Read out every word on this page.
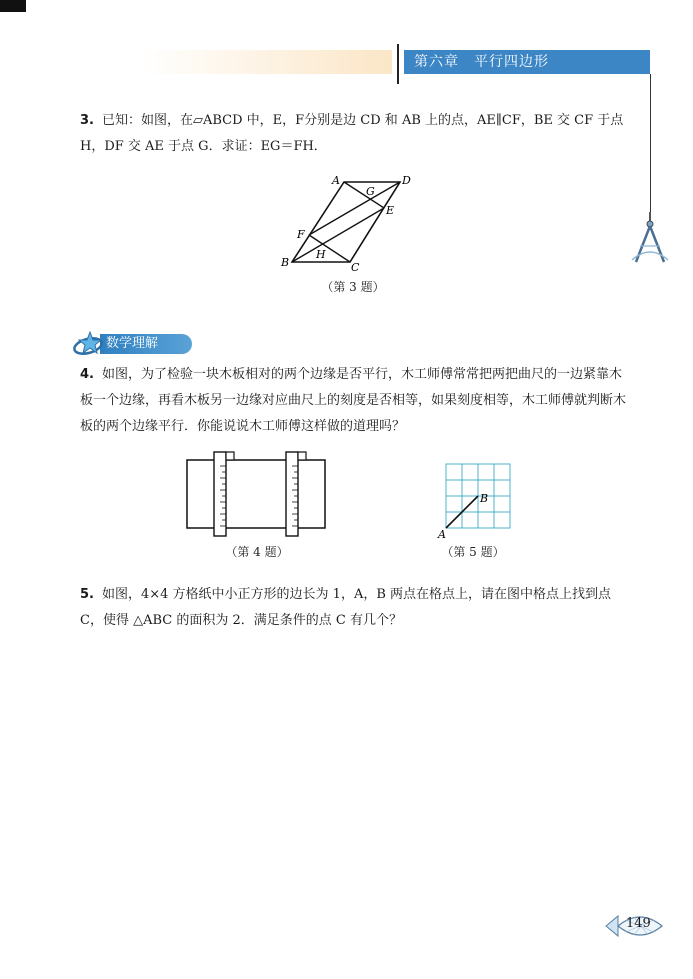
第六章　平行四边形

3. 已知：如图，在▱ABCD 中，E，F分别是边 CD 和 AB 上的点，AE∥CF，BE 交 CF 于点 H，DF 交 AE 于点 G．求证：EG＝FH．

A	D
G
E
F
H
B	C
（第 3 题）
数学理解

4. 如图，为了检验一块木板相对的两个边缘是否平行，木工师傅常常把两把曲尺的一边紧靠木板一个边缘，再看木板另一边缘对应曲尺上的刻度是否相等，如果刻度相等，木工师傅就判断木板的两个边缘平行．你能说说木工师傅这样做的道理吗？

（第 4 题）
A
B
（第 5 题）

5. 如图，4×4 方格纸中小正方形的边长为 1，A，B 两点在格点上，请在图中格点上找到点 C，使得 △ABC 的面积为 2．满足条件的点 C 有几个？

149
